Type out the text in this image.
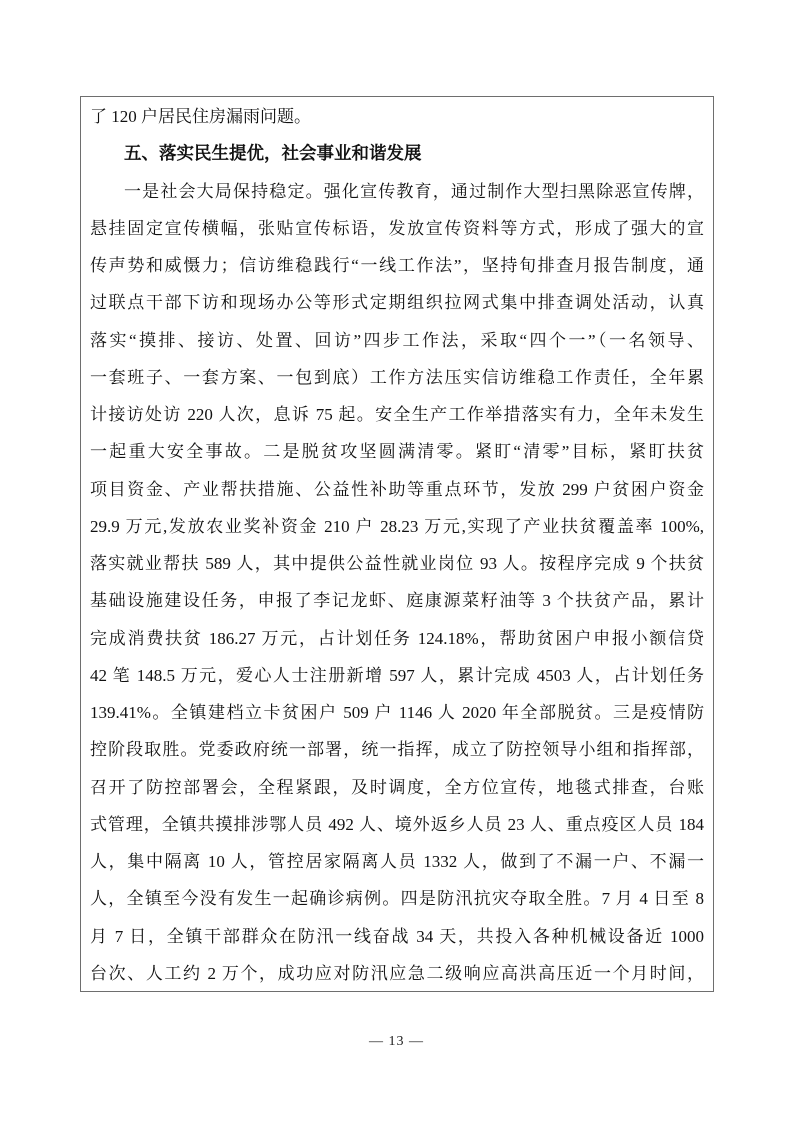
了 120 户居民住房漏雨问题。
五、落实民生提优，社会事业和谐发展
一是社会大局保持稳定。强化宣传教育，通过制作大型扫黑除恶宣传牌，
悬挂固定宣传横幅，张贴宣传标语，发放宣传资料等方式，形成了强大的宣
传声势和威慑力；信访维稳践行“一线工作法”，坚持旬排查月报告制度，通
过联点干部下访和现场办公等形式定期组织拉网式集中排查调处活动，认真
落实“摸排、接访、处置、回访”四步工作法，采取“四个一”（一名领导、
一套班子、一套方案、一包到底）工作方法压实信访维稳工作责任，全年累
计接访处访 220 人次，息诉 75 起。安全生产工作举措落实有力，全年未发生
一起重大安全事故。二是脱贫攻坚圆满清零。紧盯“清零”目标，紧盯扶贫
项目资金、产业帮扶措施、公益性补助等重点环节，发放 299 户贫困户资金
29.9 万元,发放农业奖补资金 210 户 28.23 万元,实现了产业扶贫覆盖率 100%,
落实就业帮扶 589 人，其中提供公益性就业岗位 93 人。按程序完成 9 个扶贫
基础设施建设任务，申报了李记龙虾、庭康源菜籽油等 3 个扶贫产品，累计
完成消费扶贫 186.27 万元，占计划任务 124.18%，帮助贫困户申报小额信贷
42 笔 148.5 万元，爱心人士注册新增 597 人，累计完成 4503 人，占计划任务
139.41%。全镇建档立卡贫困户 509 户 1146 人 2020 年全部脱贫。三是疫情防
控阶段取胜。党委政府统一部署，统一指挥，成立了防控领导小组和指挥部，
召开了防控部署会，全程紧跟，及时调度，全方位宣传，地毯式排查，台账
式管理，全镇共摸排涉鄂人员 492 人、境外返乡人员 23 人、重点疫区人员 184
人，集中隔离 10 人，管控居家隔离人员 1332 人，做到了不漏一户、不漏一
人，全镇至今没有发生一起确诊病例。四是防汛抗灾夺取全胜。7 月 4 日至 8
月 7 日，全镇干部群众在防汛一线奋战 34 天，共投入各种机械设备近 1000
台次、人工约 2 万个，成功应对防汛应急二级响应高洪高压近一个月时间，
— 13 —
